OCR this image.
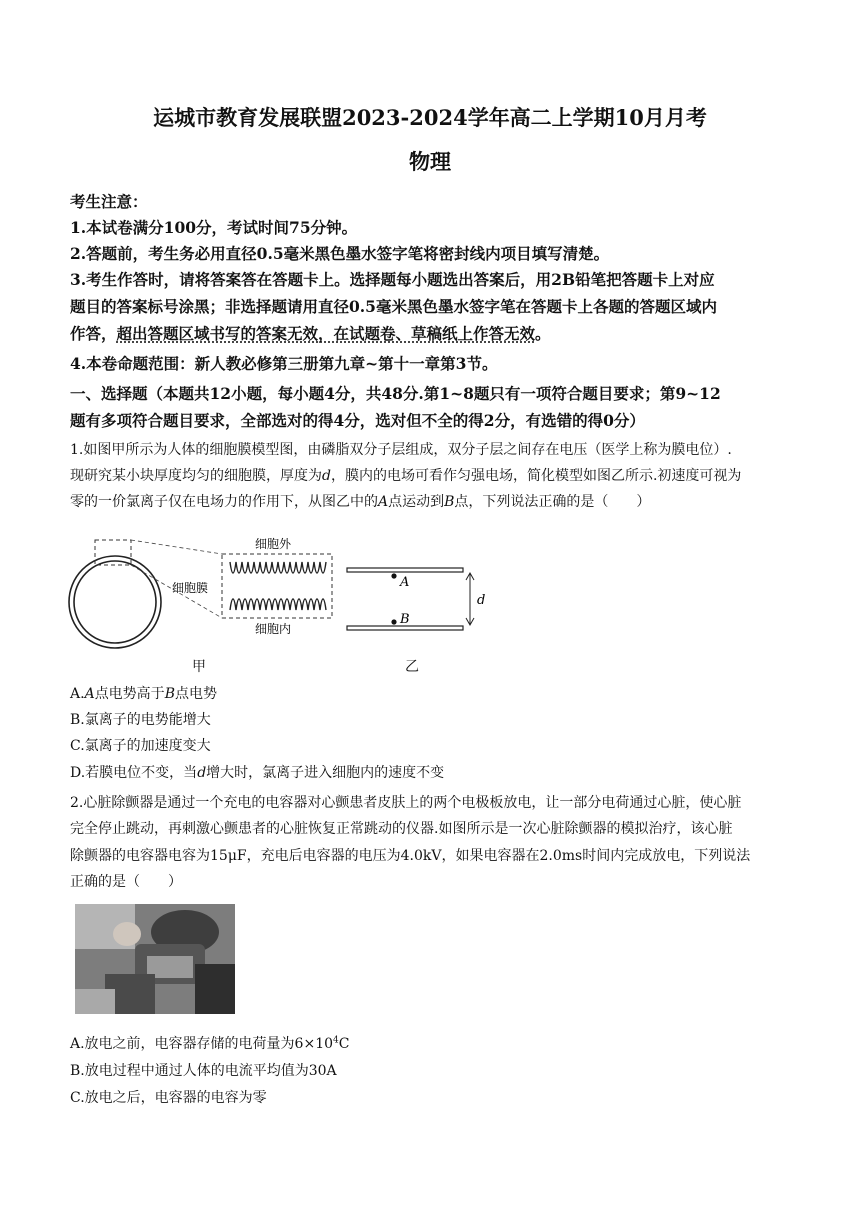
运城市教育发展联盟2023-2024学年高二上学期10月月考
物理
考生注意：
1.本试卷满分100分，考试时间75分钟。
2.答题前，考生务必用直径0.5毫米黑色墨水签字笔将密封线内项目填写清楚。
3.考生作答时，请将答案答在答题卡上。选择题每小题选出答案后，用2B铅笔把答题卡上对应
题目的答案标号涂黑；非选择题请用直径0.5毫米黑色墨水签字笔在答题卡上各题的答题区域内
作答，超出答题区域书写的答案无效，在试题卷、草稿纸上作答无效。
4.本卷命题范围：新人教必修第三册第九章~第十一章第3节。
一、选择题（本题共12小题，每小题4分，共48分.第1~8题只有一项符合题目要求；第9~12
题有多项符合题目要求，全部选对的得4分，选对但不全的得2分，有选错的得0分）
1.如图甲所示为人体的细胞膜模型图，由磷脂双分子层组成，双分子层之间存在电压（医学上称为膜电位）.
现研究某小块厚度均匀的细胞膜，厚度为d，膜内的电场可看作匀强电场，简化模型如图乙所示.初速度可视为
零的一价氯离子仅在电场力的作用下，从图乙中的A点运动到B点，下列说法正确的是（　　）
细胞膜
细胞外
细胞内
A
B
d
甲	乙
A.A点电势高于B点电势
B.氯离子的电势能增大
C.氯离子的加速度变大
D.若膜电位不变，当d增大时，氯离子进入细胞内的速度不变
2.心脏除颤器是通过一个充电的电容器对心颤患者皮肤上的两个电极板放电，让一部分电荷通过心脏，使心脏
完全停止跳动，再刺激心颤患者的心脏恢复正常跳动的仪器.如图所示是一次心脏除颤器的模拟治疗，该心脏
除颤器的电容器电容为15μF，充电后电容器的电压为4.0kV，如果电容器在2.0ms时间内完成放电，下列说法
正确的是（　　）
A.放电之前，电容器存储的电荷量为$6\times 10^4C$
B.放电过程中通过人体的电流平均值为30A
C.放电之后，电容器的电容为零
